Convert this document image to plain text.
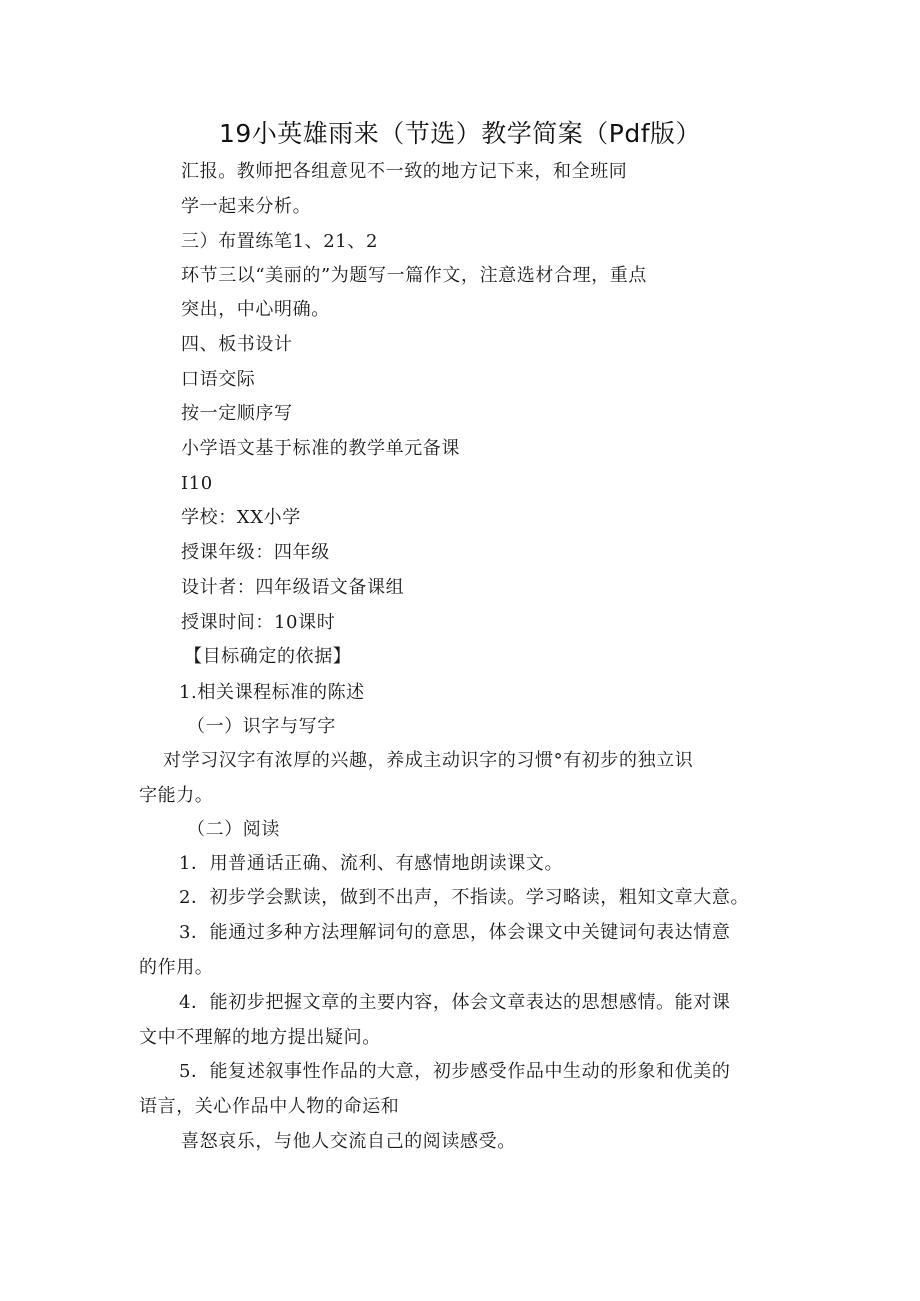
19小英雄雨来（节选）教学简案（Pdf版）
汇报。教师把各组意见不一致的地方记下来，和全班同
学一起来分析。
三）布置练笔1、21、2
环节三以“美丽的”为题写一篇作文，注意选材合理，重点
突出，中心明确。
四、板书设计
口语交际
按一定顺序写
小学语文基于标准的教学单元备课
I10
学校：XX小学
授课年级：四年级
设计者：四年级语文备课组
授课时间：10课时
【目标确定的依据】
1.相关课程标准的陈述
（一）识字与写字
对学习汉字有浓厚的兴趣，养成主动识字的习惯°有初步的独立识
字能力。
（二）阅读
1．用普通话正确、流利、有感情地朗读课文。
2．初步学会默读，做到不出声，不指读。学习略读，粗知文章大意。
3．能通过多种方法理解词句的意思，体会课文中关键词句表达情意
的作用。
4．能初步把握文章的主要内容，体会文章表达的思想感情。能对课
文中不理解的地方提出疑问。
5．能复述叙事性作品的大意，初步感受作品中生动的形象和优美的
语言，关心作品中人物的命运和
喜怒哀乐，与他人交流自己的阅读感受。
